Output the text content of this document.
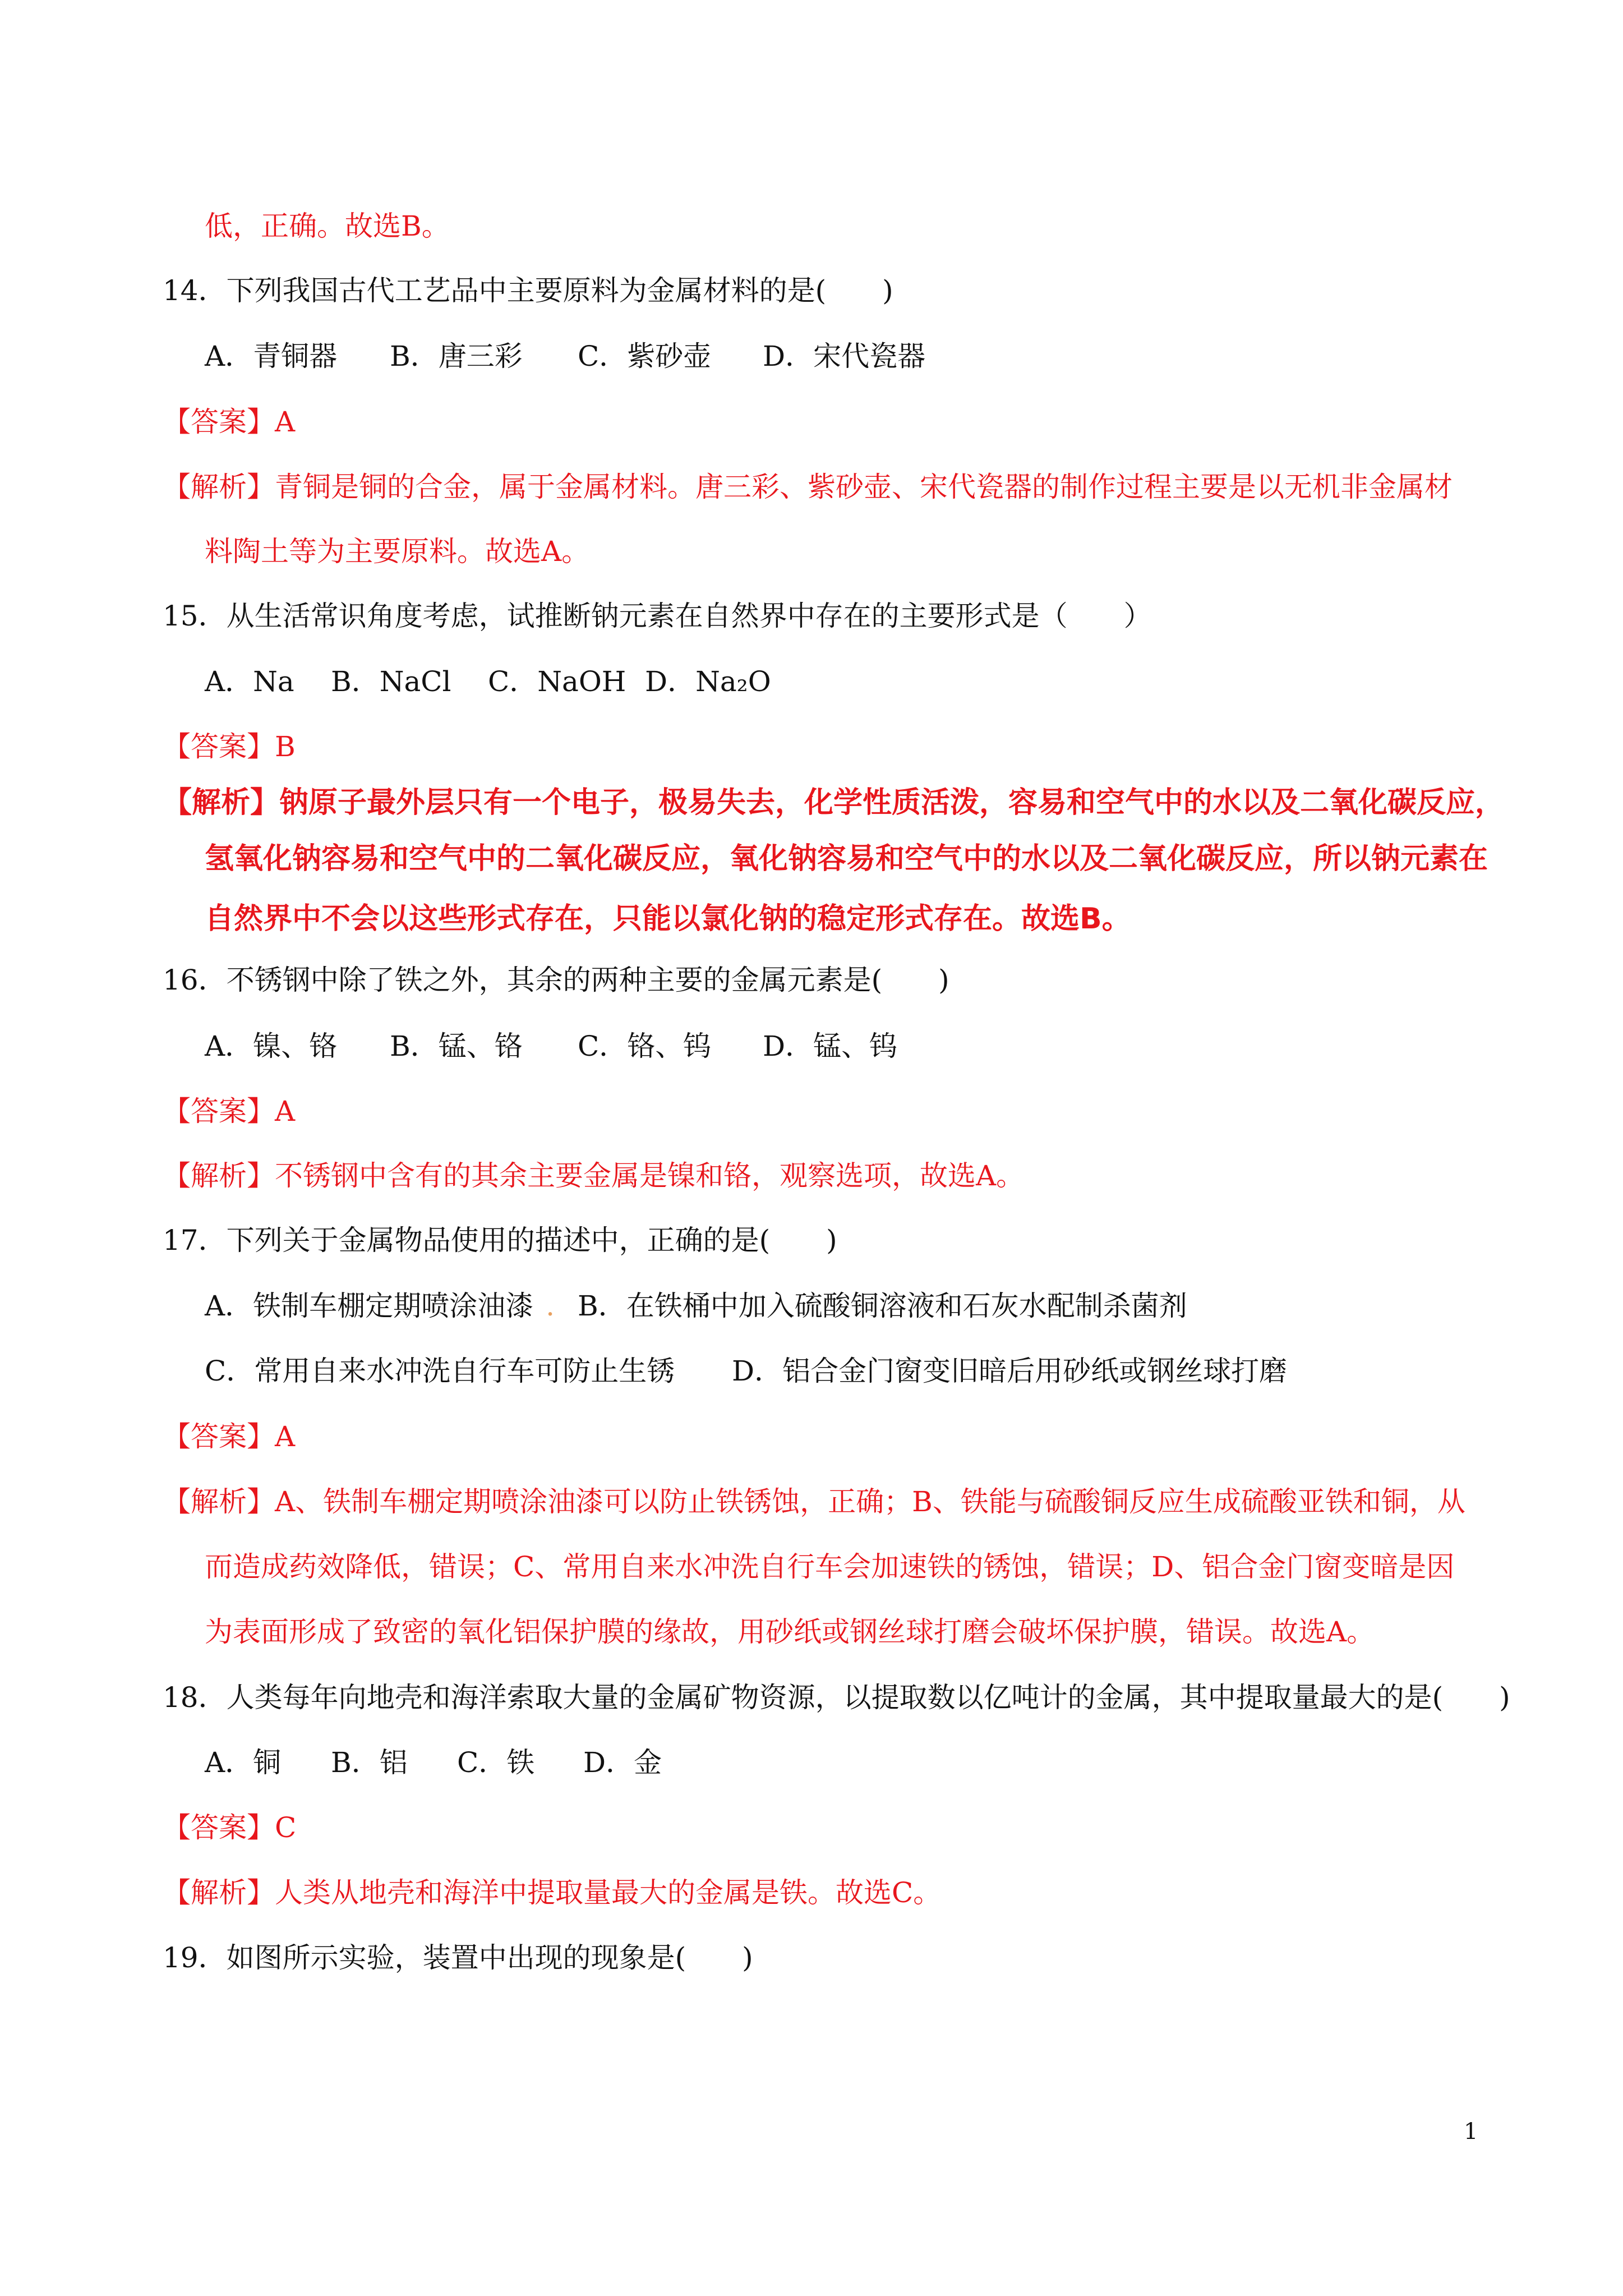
低，正确。故选B。
14．下列我国古代工艺品中主要原料为金属材料的是(　　)
A．青铜器 B．唐三彩 C．紫砂壶 D．宋代瓷器
【答案】A
【解析】青铜是铜的合金，属于金属材料。唐三彩、紫砂壶、宋代瓷器的制作过程主要是以无机非金属材
料陶土等为主要原料。故选A。
15．从生活常识角度考虑，试推断钠元素在自然界中存在的主要形式是（　　）
A．Na B．NaCl C．NaOH D．Na₂O
【答案】B
【解析】钠原子最外层只有一个电子，极易失去，化学性质活泼，容易和空气中的水以及二氧化碳反应，
氢氧化钠容易和空气中的二氧化碳反应，氧化钠容易和空气中的水以及二氧化碳反应，所以钠元素在
自然界中不会以这些形式存在，只能以氯化钠的稳定形式存在。故选B。
16．不锈钢中除了铁之外，其余的两种主要的金属元素是(　　)
A．镍、铬 B．锰、铬 C．铬、钨 D．锰、钨
【答案】A
【解析】不锈钢中含有的其余主要金属是镍和铬，观察选项，故选A。
17．下列关于金属物品使用的描述中，正确的是(　　)
A．铁制车棚定期喷涂油漆 . B．在铁桶中加入硫酸铜溶液和石灰水配制杀菌剂
C．常用自来水冲洗自行车可防止生锈 D．铝合金门窗变旧暗后用砂纸或钢丝球打磨
【答案】A
【解析】A、铁制车棚定期喷涂油漆可以防止铁锈蚀，正确；B、铁能与硫酸铜反应生成硫酸亚铁和铜，从
而造成药效降低，错误；C、常用自来水冲洗自行车会加速铁的锈蚀，错误；D、铝合金门窗变暗是因
为表面形成了致密的氧化铝保护膜的缘故，用砂纸或钢丝球打磨会破坏保护膜，错误。故选A。
18．人类每年向地壳和海洋索取大量的金属矿物资源，以提取数以亿吨计的金属，其中提取量最大的是(　　)
A．铜 B．铝 C．铁 D．金
【答案】C
【解析】人类从地壳和海洋中提取量最大的金属是铁。故选C。
19．如图所示实验，装置中出现的现象是(　　)
1
